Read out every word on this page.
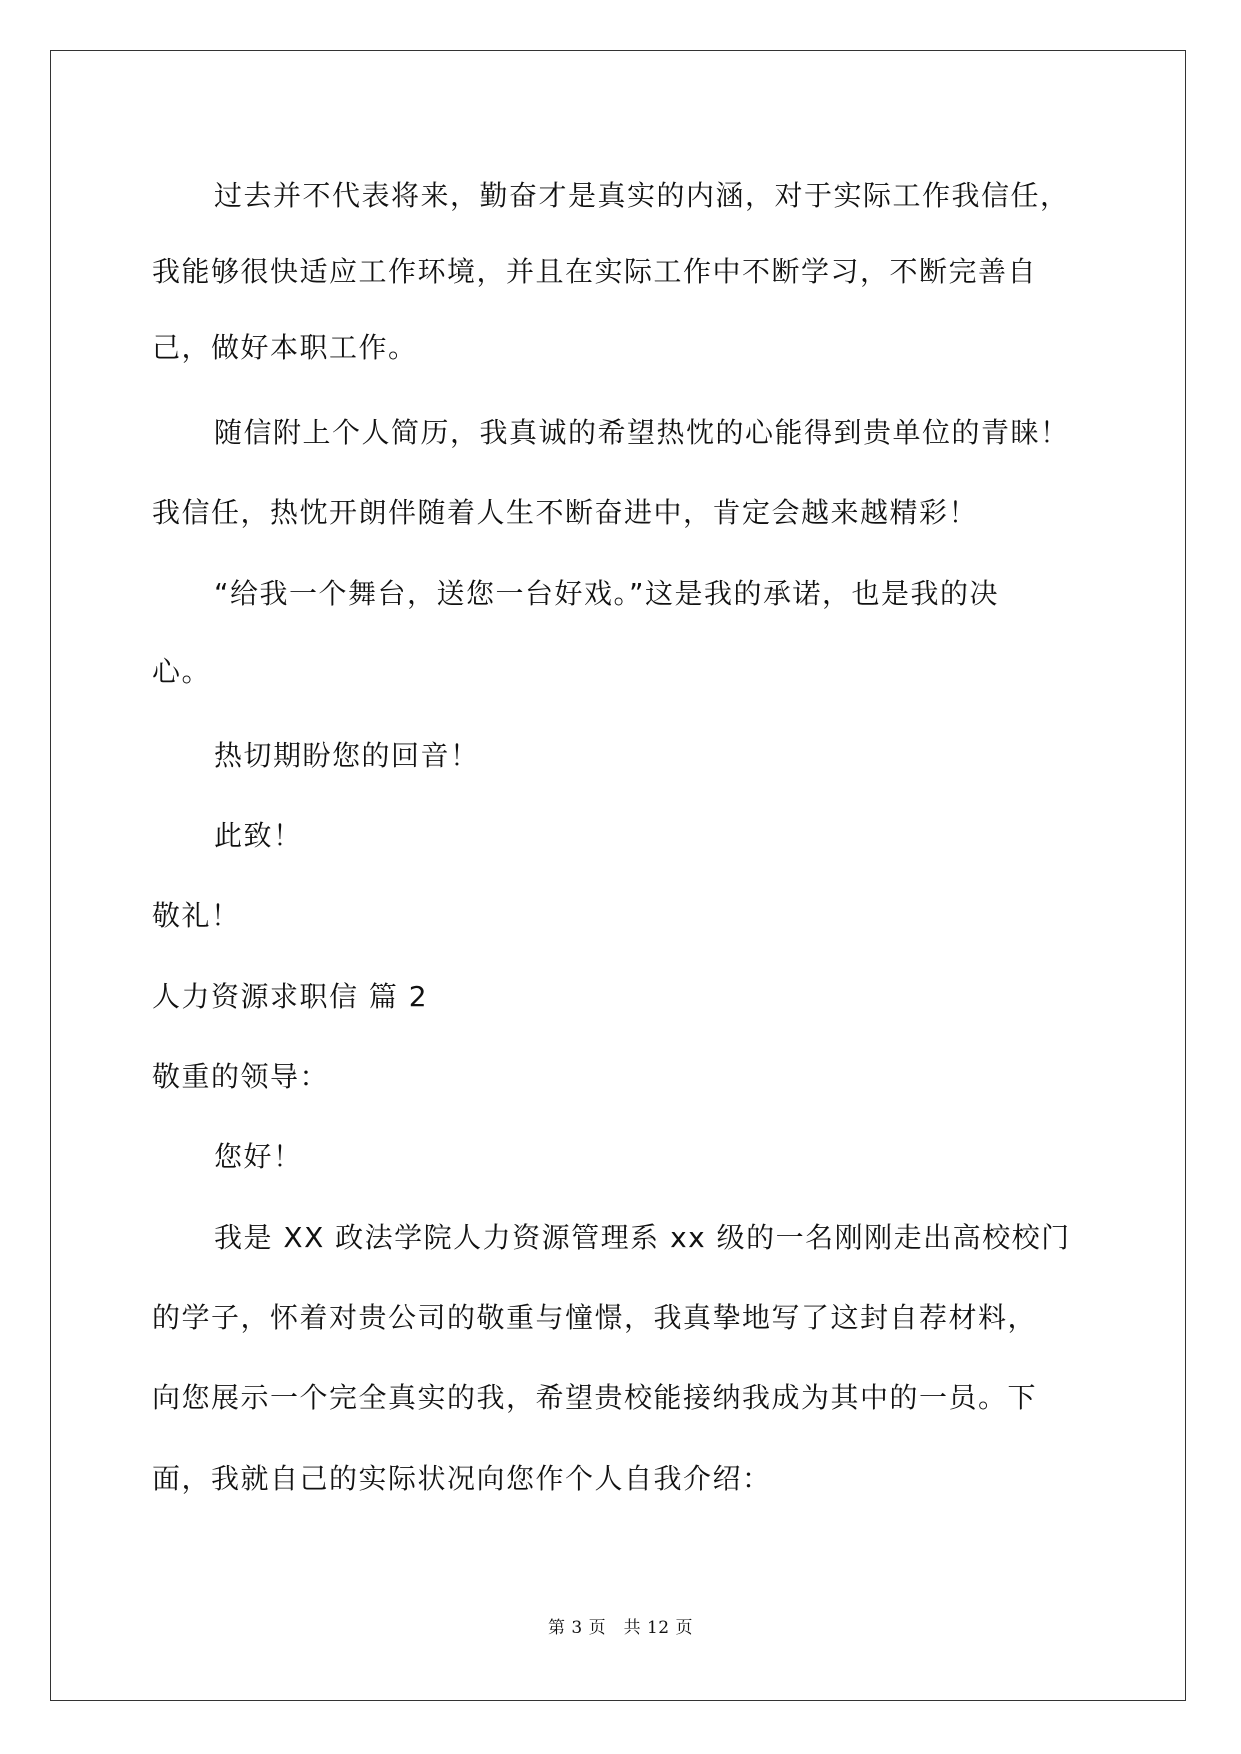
过去并不代表将来，勤奋才是真实的内涵，对于实际工作我信任，
我能够很快适应工作环境，并且在实际工作中不断学习，不断完善自
己，做好本职工作。
随信附上个人简历，我真诚的希望热忱的心能得到贵单位的青睐！
我信任，热忱开朗伴随着人生不断奋进中，肯定会越来越精彩！
“给我一个舞台，送您一台好戏。”这是我的承诺，也是我的决
心。
热切期盼您的回音！
此致！
敬礼！
人力资源求职信 篇 2
敬重的领导：
您好！
我是 XX 政法学院人力资源管理系 xx 级的一名刚刚走出高校校门
的学子，怀着对贵公司的敬重与憧憬，我真挚地写了这封自荐材料，
向您展示一个完全真实的我，希望贵校能接纳我成为其中的一员。下
面，我就自己的实际状况向您作个人自我介绍：
第 3 页　共 12 页
